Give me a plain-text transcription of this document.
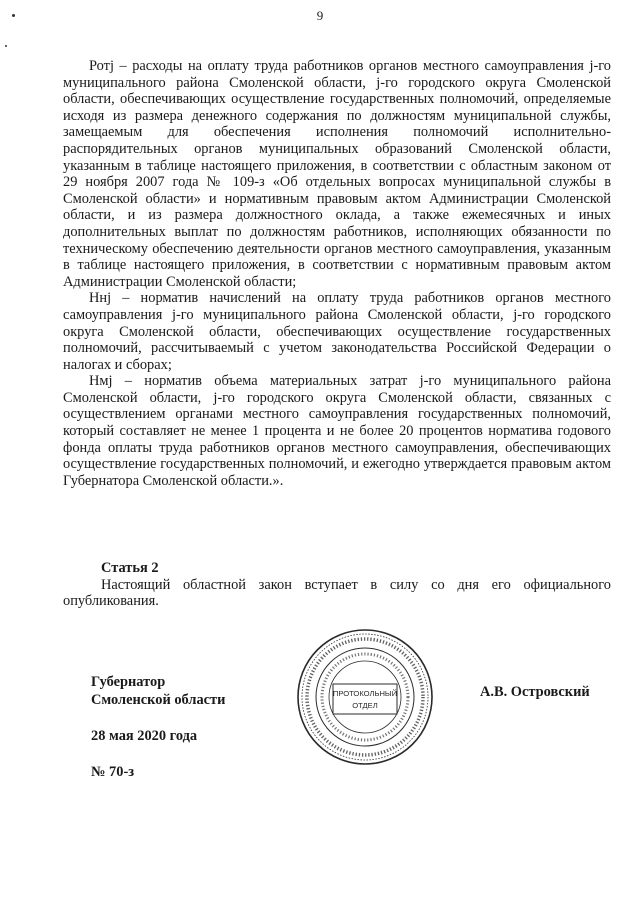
9

Ротј – расходы на оплату труда работников органов местного самоуправления j-го муниципального района Смоленской области, j-го городского округа Смоленской области, обеспечивающих осуществление государственных полномочий, определяемые исходя из размера денежного содержания по должностям муниципальной службы, замещаемым для обеспечения исполнения полномочий исполнительно-распорядительных органов муниципальных образований Смоленской области, указанным в таблице настоящего приложения, в соответствии с областным законом от 29 ноября 2007 года № 109-з «Об отдельных вопросах муниципальной службы в Смоленской области» и нормативным правовым актом Администрации Смоленской области, и из размера должностного оклада, а также ежемесячных и иных дополнительных выплат по должностям работников, исполняющих обязанности по техническому обеспечению деятельности органов местного самоуправления, указанным в таблице настоящего приложения, в соответствии с нормативным правовым актом Администрации Смоленской области;

Hнј – норматив начислений на оплату труда работников органов местного самоуправления j-го муниципального района Смоленской области, j-го городского округа Смоленской области, обеспечивающих осуществление государственных полномочий, рассчитываемый с учетом законодательства Российской Федерации о налогах и сборах;

Hмј – норматив объема материальных затрат j-го муниципального района Смоленской области, j-го городского округа Смоленской области, связанных с осуществлением органами местного самоуправления государственных полномочий, который составляет не менее 1 процента и не более 20 процентов норматива годового фонда оплаты труда работников органов местного самоуправления, обеспечивающих осуществление государственных полномочий, и ежегодно утверждается правовым актом Губернатора Смоленской области.».

Статья 2

Настоящий областной закон вступает в силу со дня его официального опубликования.

Губернатор
Смоленской области
28 мая 2020 года
№ 70-з
А.В. Островский
ПРОТОКОЛЬНЫЙ
ОТДЕЛ
